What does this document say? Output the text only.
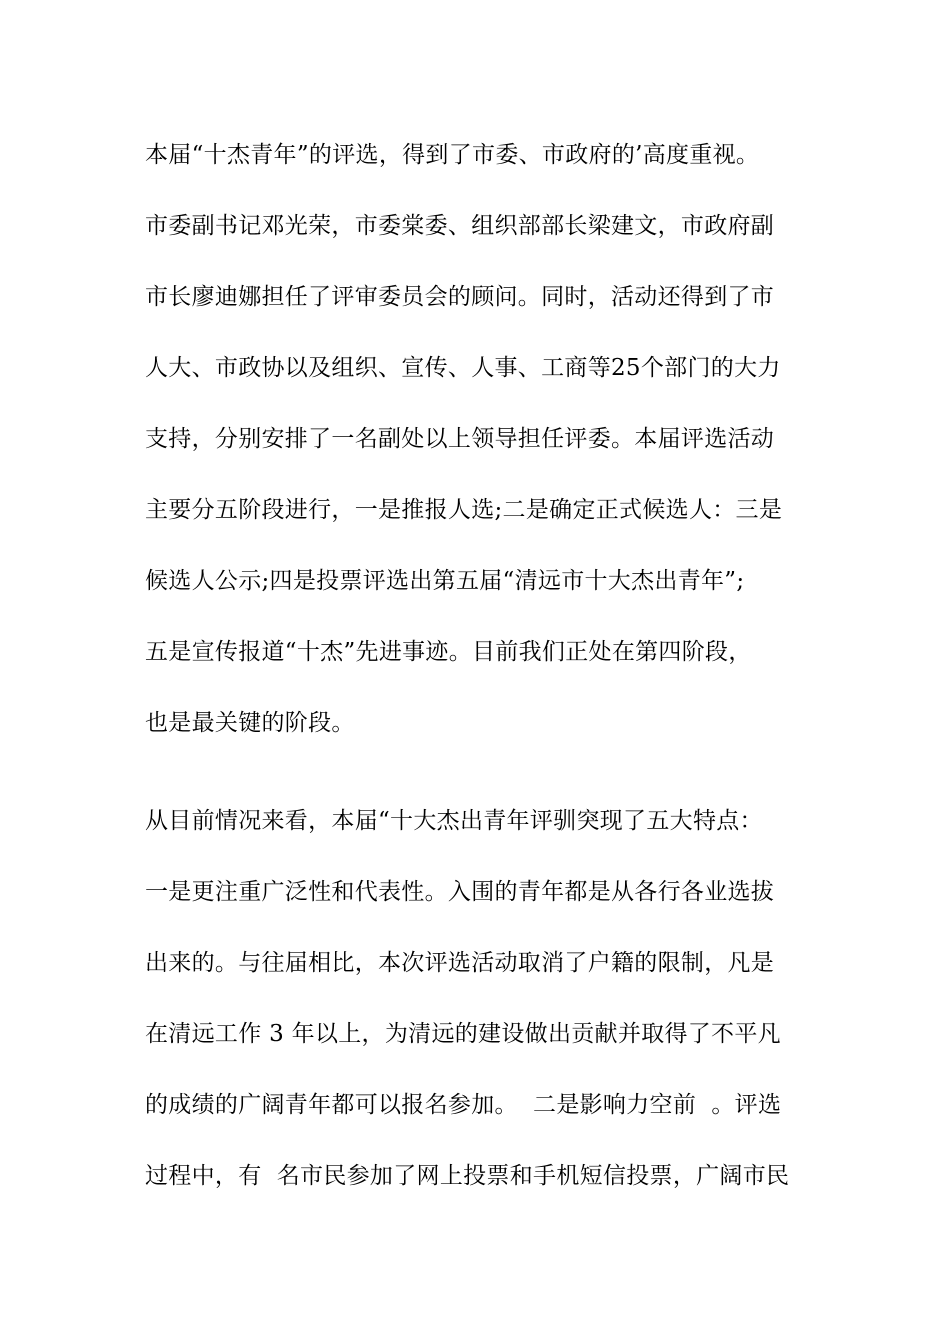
本届“十杰青年”的评选，得到了市委、市政府的’高度重视。
市委副书记邓光荣，市委棠委、组织部部长梁建文，市政府副
市长廖迪娜担任了评审委员会的顾问。同时，活动还得到了市
人大、市政协以及组织、宣传、人事、工商等25个部门的大力
支持，分别安排了一名副处以上领导担任评委。本届评选活动
主要分五阶段进行，一是推报人选;二是确定正式候选人：三是
候选人公示;四是投票评选出第五届“清远市十大杰出青年”;
五是宣传报道“十杰”先进事迹。目前我们正处在第四阶段，
也是最关键的阶段。
从目前情况来看，本届“十大杰出青年评驯突现了五大特点：
一是更注重广泛性和代表性。入围的青年都是从各行各业选拔
出来的。与往届相比，本次评选活动取消了户籍的限制，凡是
在清远工作 3 年以上，为清远的建设做出贡献并取得了不平凡
的成绩的广阔青年都可以报名参加。  二是影响力空前  。评选
过程中，有  名市民参加了网上投票和手机短信投票，广阔市民
